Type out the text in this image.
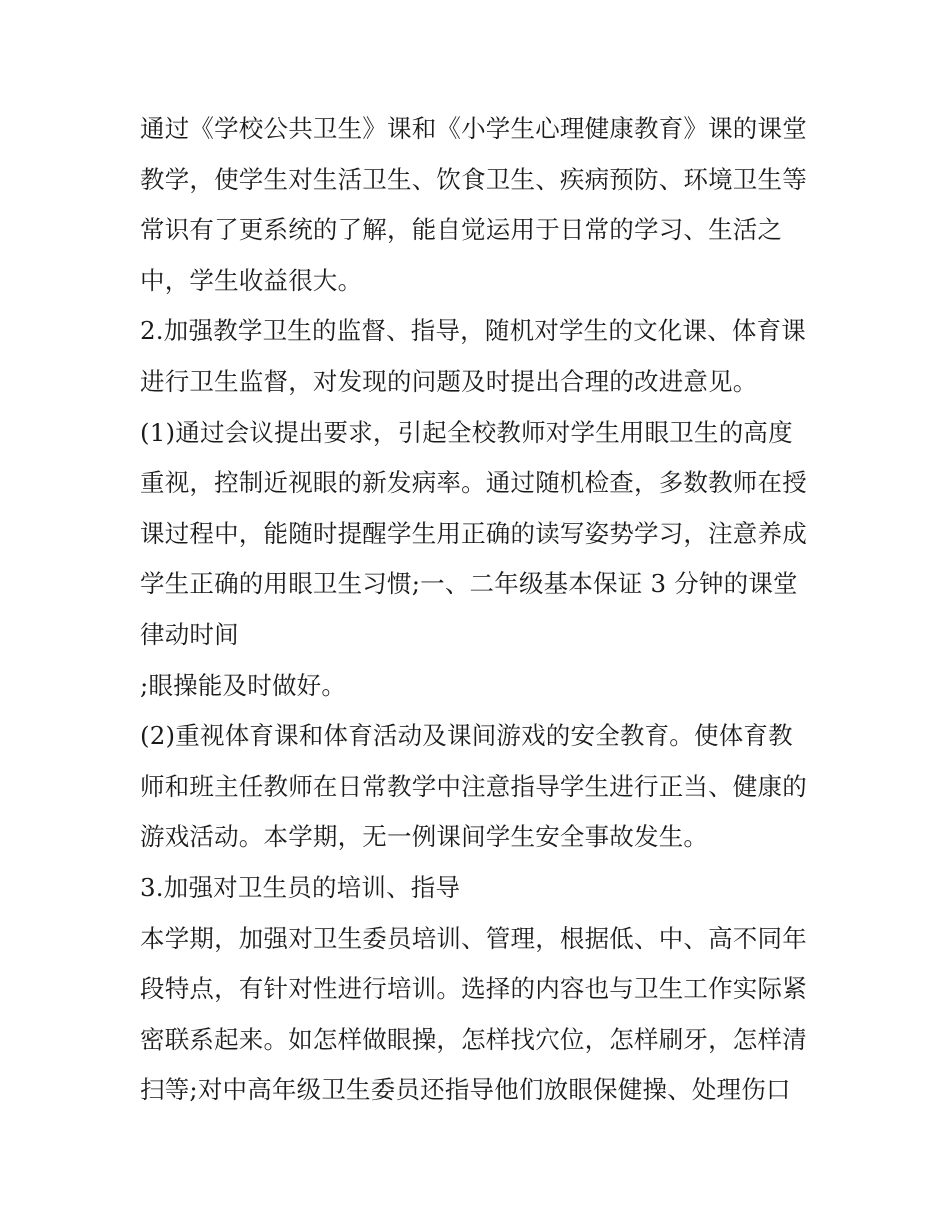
通过《学校公共卫生》课和《小学生心理健康教育》课的课堂
教学，使学生对生活卫生、饮食卫生、疾病预防、环境卫生等
常识有了更系统的了解，能自觉运用于日常的学习、生活之
中，学生收益很大。
2.加强教学卫生的监督、指导，随机对学生的文化课、体育课
进行卫生监督，对发现的问题及时提出合理的改进意见。
(1)通过会议提出要求，引起全校教师对学生用眼卫生的高度
重视，控制近视眼的新发病率。通过随机检查，多数教师在授
课过程中，能随时提醒学生用正确的读写姿势学习，注意养成
学生正确的用眼卫生习惯;一、二年级基本保证 3 分钟的课堂
律动时间
;眼操能及时做好。
(2)重视体育课和体育活动及课间游戏的安全教育。使体育教
师和班主任教师在日常教学中注意指导学生进行正当、健康的
游戏活动。本学期，无一例课间学生安全事故发生。
3.加强对卫生员的培训、指导
本学期，加强对卫生委员培训、管理，根据低、中、高不同年
段特点，有针对性进行培训。选择的内容也与卫生工作实际紧
密联系起来。如怎样做眼操，怎样找穴位，怎样刷牙，怎样清
扫等;对中高年级卫生委员还指导他们放眼保健操、处理伤口
